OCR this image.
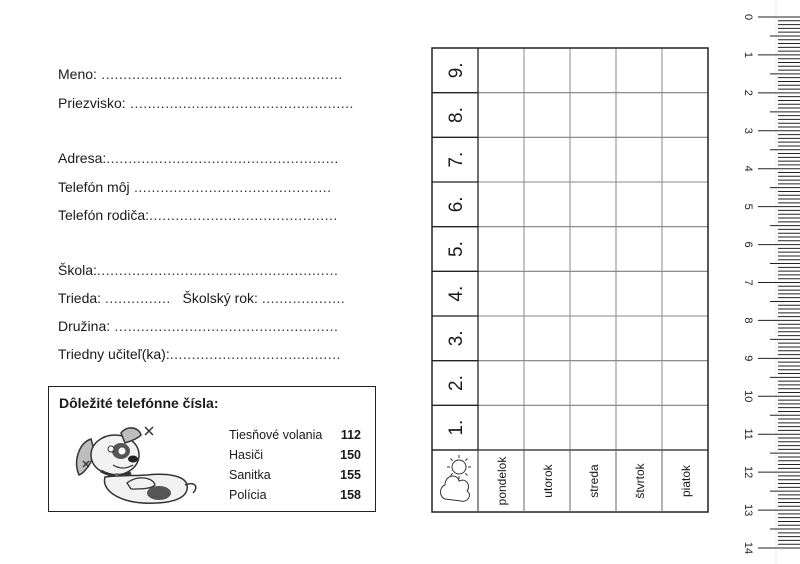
Meno: .......................................................
Priezvisko: ...................................................
Adresa:.....................................................
Telefón môj .............................................
Telefón rodiča:...........................................
Škola:.......................................................
Trieda: ............... Školský rok: ...................
Družina: ...................................................
Triedny učiteľ(ka):.......................................
Dôležité telefónne čísla:
Tiesňové volania 112
Hasiči	150
Sanitka	155
Polícia	158
1.
2.
3.
4.
5.
6.
7.
8.
9.
pondelok	utorok	streda	štvrtok	piatok
0
1
2
3
4
5
6
7
8
9
10
11
12
13
14
